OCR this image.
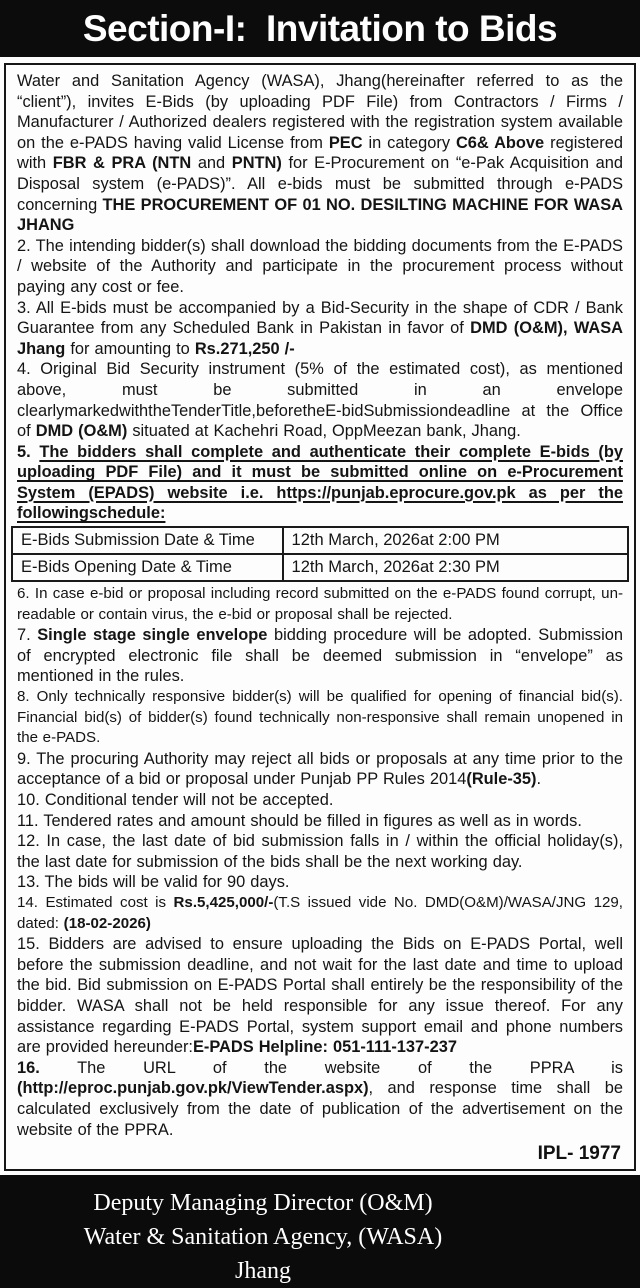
Section-I:  Invitation to Bids

Water and Sanitation Agency (WASA), Jhang(hereinafter referred to as the “client”), invites E-Bids (by uploading PDF File) from Contractors / Firms / Manufacturer / Authorized dealers registered with the registration system available on the e-PADS having valid License from PEC in category C6& Above registered with FBR & PRA (NTN and PNTN) for E-Procurement on “e-Pak Acquisition and Disposal system (e-PADS)”. All e-bids must be submitted through e-PADS concerning THE PROCUREMENT OF 01 NO. DESILTING MACHINE FOR WASA JHANG

2. The intending bidder(s) shall download the bidding documents from the E-PADS / website of the Authority and participate in the procurement process without paying any cost or fee.

3. All E-bids must be accompanied by a Bid-Security in the shape of CDR / Bank Guarantee from any Scheduled Bank in Pakistan in favor of DMD (O&M), WASA Jhang for amounting to Rs.271,250 /-

4. Original Bid Security instrument (5% of the estimated cost), as mentioned above, must be submitted in an envelope clearlymarkedwiththeTenderTitle,beforetheE-bidSubmissiondeadline at the Office of DMD (O&M) situated at Kachehri Road, OppMeezan bank, Jhang.

5. The bidders shall complete and authenticate their complete E-bids (by uploading PDF File) and it must be submitted online on e-Procurement System (EPADS) website i.e. https://punjab.eprocure.gov.pk as per the followingschedule:

E-Bids Submission Date & Time	12th March, 2026at 2:00 PM
E-Bids Opening Date & Time	12th March, 2026at 2:30 PM

6. In case e-bid or proposal including record submitted on the e-PADS found corrupt, un-readable or contain virus, the e-bid or proposal shall be rejected.

7. Single stage single envelope bidding procedure will be adopted. Submission of encrypted electronic file shall be deemed submission in “envelope” as mentioned in the rules.

8. Only technically responsive bidder(s) will be qualified for opening of financial bid(s). Financial bid(s) of bidder(s) found technically non-responsive shall remain unopened in the e-PADS.

9. The procuring Authority may reject all bids or proposals at any time prior to the acceptance of a bid or proposal under Punjab PP Rules 2014(Rule-35).

10. Conditional tender will not be accepted.

11. Tendered rates and amount should be filled in figures as well as in words.

12. In case, the last date of bid submission falls in / within the official holiday(s), the last date for submission of the bids shall be the next working day.

13. The bids will be valid for 90 days.

14. Estimated cost is Rs.5,425,000/-(T.S issued vide No. DMD(O&M)/WASA/JNG 129, dated: (18-02-2026)

15. Bidders are advised to ensure uploading the Bids on E-PADS Portal, well before the submission deadline, and not wait for the last date and time to upload the bid. Bid submission on E-PADS Portal shall entirely be the responsibility of the bidder. WASA shall not be held responsible for any issue thereof. For any assistance regarding E-PADS Portal, system support email and phone numbers are provided hereunder:E-PADS Helpline: 051-111-137-237

16. The URL of the website of the PPRA is (http://eproc.punjab.gov.pk/ViewTender.aspx), and response time shall be calculated exclusively from the date of publication of the advertisement on the website of the PPRA.

IPL- 1977
Deputy Managing Director (O&M)
Water & Sanitation Agency, (WASA)
Jhang
